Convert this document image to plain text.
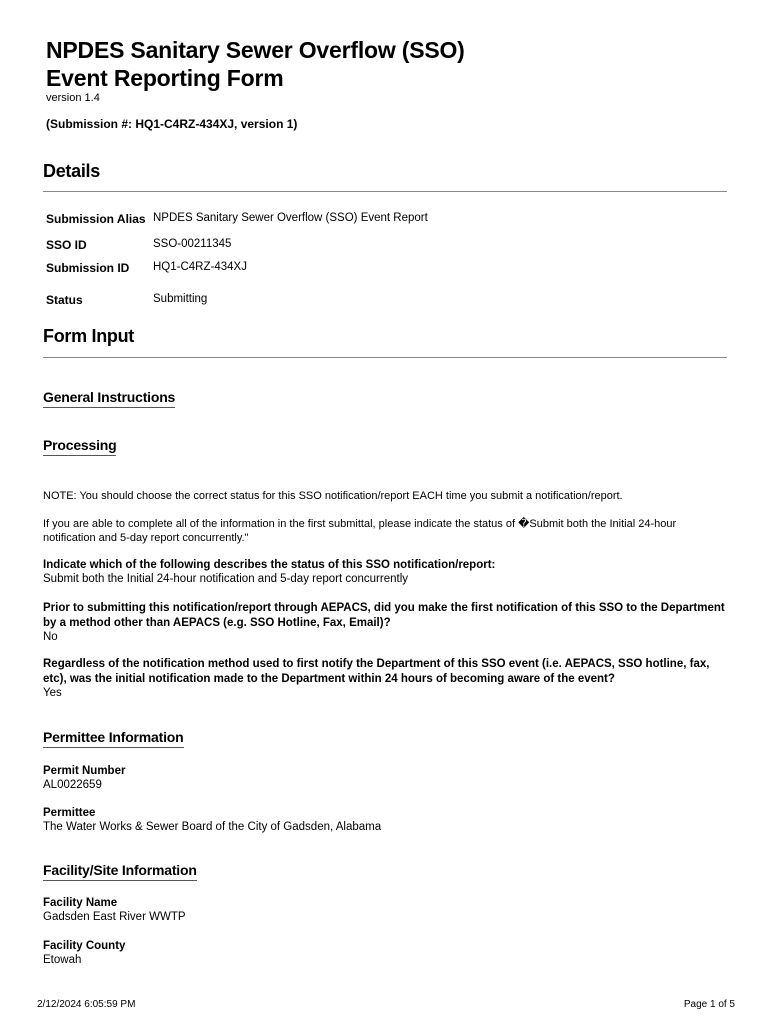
NPDES Sanitary Sewer Overflow (SSO)
Event Reporting Form
version 1.4
(Submission #: HQ1-C4RZ-434XJ, version 1)
Details
Submission Alias NPDES Sanitary Sewer Overflow (SSO) Event Report
SSO ID	SSO-00211345
Submission ID HQ1-C4RZ-434XJ
Status	Submitting
Form Input
General Instructions
Processing
NOTE: You should choose the correct status for this SSO notification/report EACH time you submit a notification/report.
If you are able to complete all of the information in the first submittal, please indicate the status of �Submit both the Initial 24-hour notification and 5-day report concurrently."
Indicate which of the following describes the status of this SSO notification/report:
Submit both the Initial 24-hour notification and 5-day report concurrently
Prior to submitting this notification/report through AEPACS, did you make the first notification of this SSO to the Department by a method other than AEPACS (e.g. SSO Hotline, Fax, Email)?
No
Regardless of the notification method used to first notify the Department of this SSO event (i.e. AEPACS, SSO hotline, fax, etc), was the initial notification made to the Department within 24 hours of becoming aware of the event?
Yes
Permittee Information
Permit Number
AL0022659
Permittee
The Water Works & Sewer Board of the City of Gadsden, Alabama
Facility/Site Information
Facility Name
Gadsden East River WWTP
Facility County
Etowah
2/12/2024 6:05:59 PM	Page 1 of 5
